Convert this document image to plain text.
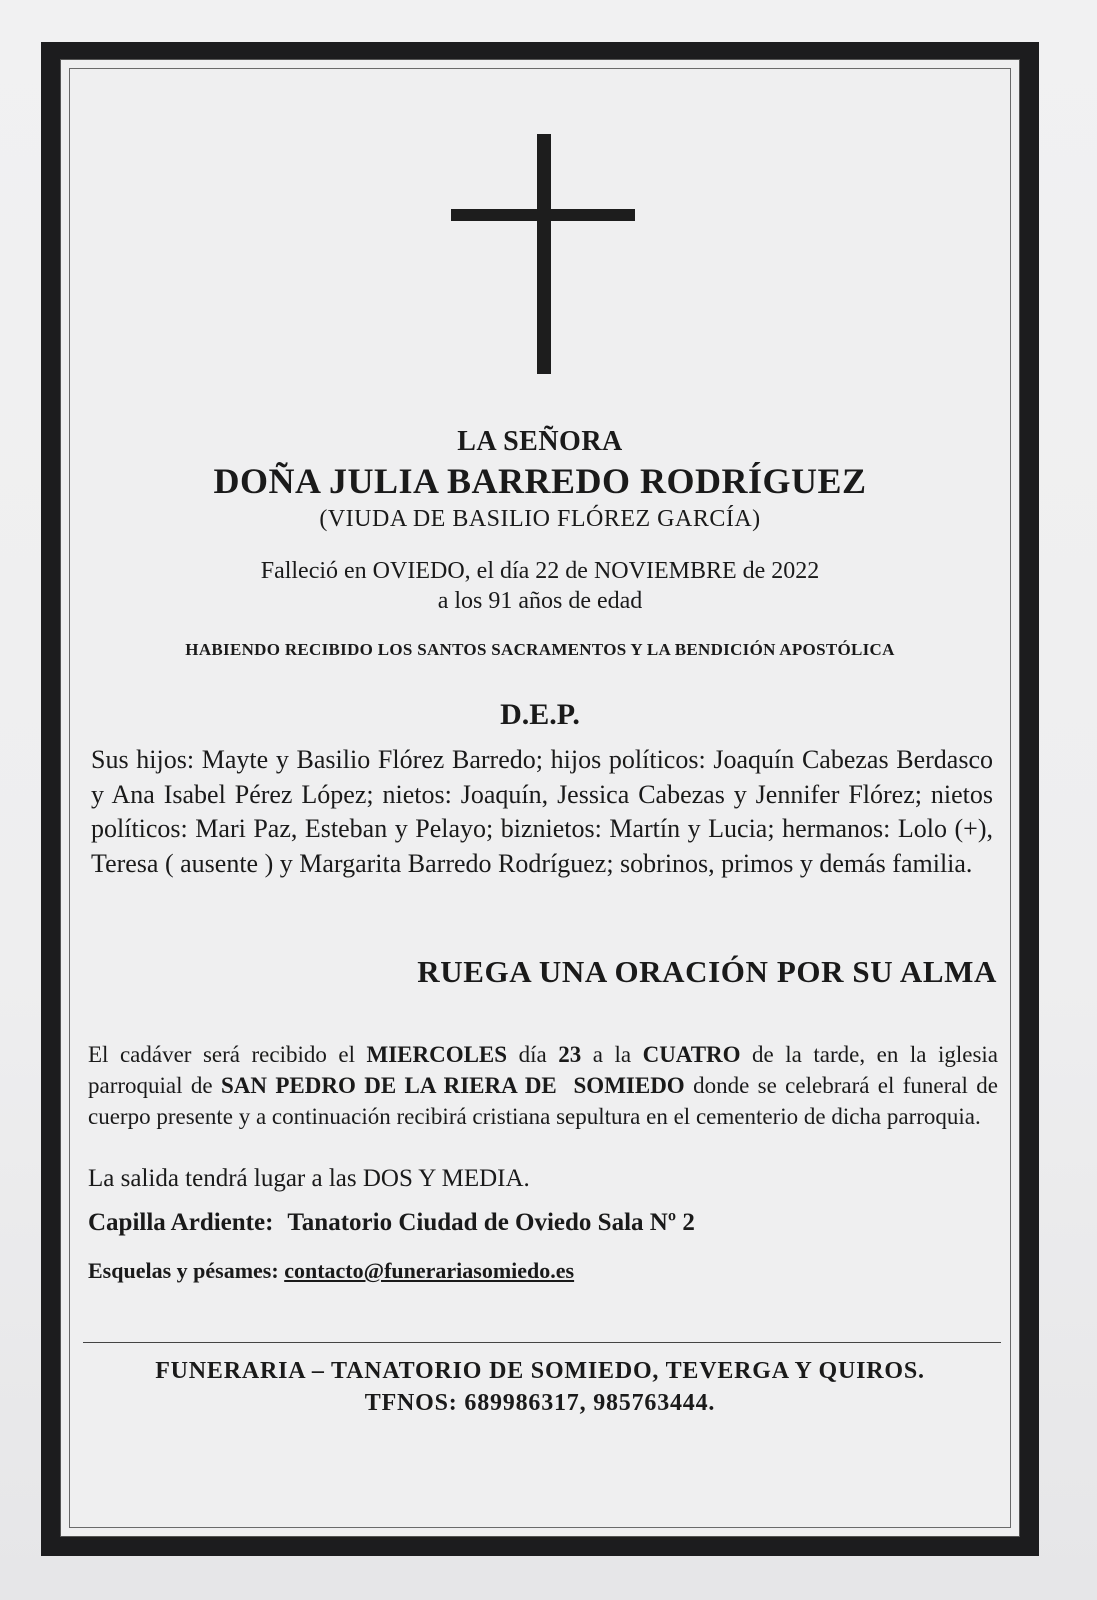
LA SEÑORA
DOÑA JULIA BARREDO RODRÍGUEZ
(VIUDA DE BASILIO FLÓREZ GARCÍA)
Falleció en OVIEDO, el día 22 de NOVIEMBRE de 2022
a los 91 años de edad
HABIENDO RECIBIDO LOS SANTOS SACRAMENTOS Y LA BENDICIÓN APOSTÓLICA
D.E.P.
Sus hijos: Mayte y Basilio Flórez Barredo; hijos políticos: Joaquín Cabezas Berdasco y Ana Isabel Pérez López; nietos: Joaquín, Jessica Cabezas y Jennifer Flórez; nietos políticos: Mari Paz, Esteban y Pelayo; biznietos: Martín y Lucia; hermanos: Lolo (+), Teresa ( ausente ) y Margarita Barredo Rodríguez; sobrinos, primos y demás familia.
RUEGA UNA ORACIÓN POR SU ALMA
El cadáver será recibido el MIERCOLES día 23 a la CUATRO de la tarde, en la iglesia parroquial de SAN PEDRO DE LA RIERA DE  SOMIEDO donde se celebrará el funeral de cuerpo presente y a continuación recibirá cristiana sepultura en el cementerio de dicha parroquia.
La salida tendrá lugar a las DOS Y MEDIA.
Capilla Ardiente: Tanatorio Ciudad de Oviedo Sala Nº 2
Esquelas y pésames: contacto@funerariasomiedo.es
FUNERARIA – TANATORIO DE SOMIEDO, TEVERGA Y QUIROS.
TFNOS: 689986317, 985763444.
